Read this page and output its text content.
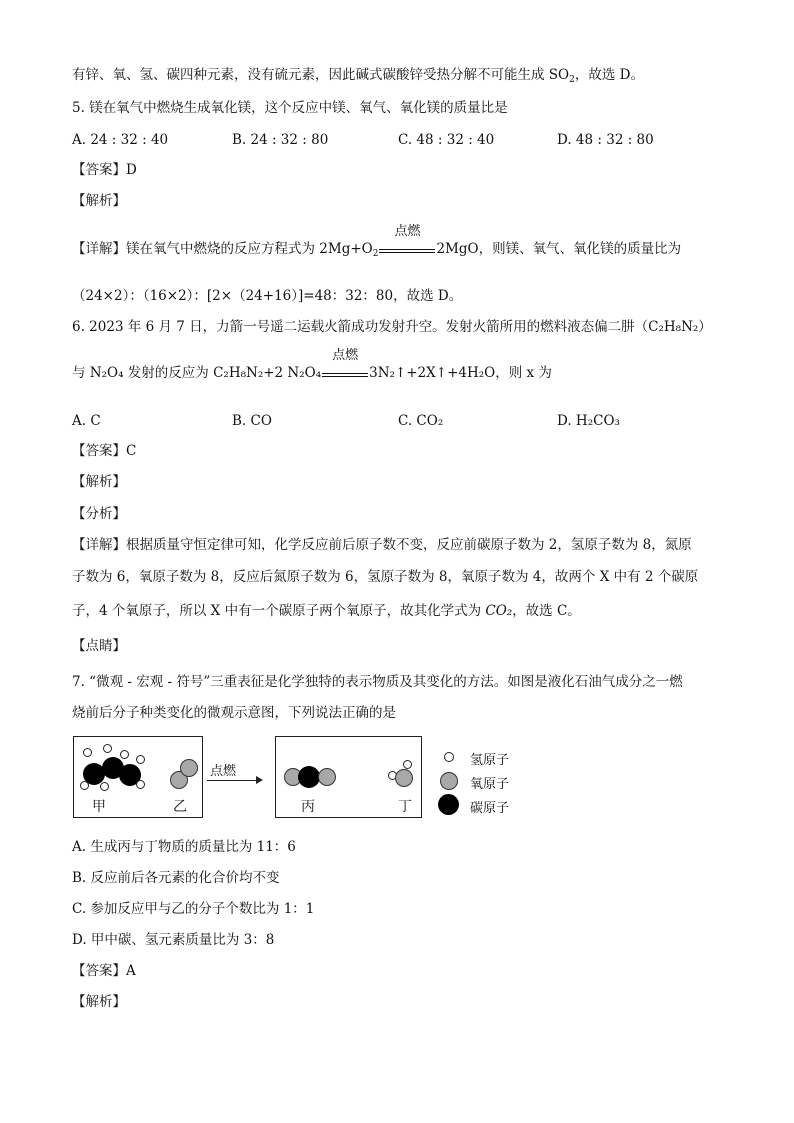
有锌、氧、氢、碳四种元素，没有硫元素，因此碱式碳酸锌受热分解不可能生成 $SO_2$，故选 D。
5. 镁在氧气中燃烧生成氧化镁，这个反应中镁、氧气、氧化镁的质量比是
A. 24 : 32 : 40	B. 24 : 32 : 80	C. 48 : 32 : 40	D. 48 : 32 : 80
【答案】D
【解析】
【详解】镁在氧气中燃烧的反应方程式为 $2Mg+O_2$
点燃
2MgO，则镁、氧气、氧化镁的质量比为
（24×2）：（16×2）：[2×（24+16）]=48：32：80，故选 D。
6. 2023 年 6 月 7 日，力箭一号遥二运载火箭成功发射升空。发射火箭所用的燃料液态偏二肼（C₂H₈N₂）
与 N₂O₄ 发射的反应为 C₂H₈N₂+2 N₂O₄
点燃
3N₂↑+2X↑+4H₂O，则 x 为
A. C	B. CO	C. CO₂	D. H₂CO₃
【答案】C
【解析】
【分析】
【详解】根据质量守恒定律可知，化学反应前后原子数不变，反应前碳原子数为 2，氢原子数为 8，氮原
子数为 6，氧原子数为 8，反应后氮原子数为 6，氢原子数为 8，氧原子数为 4，故两个 X 中有 2 个碳原
子，4 个氧原子，所以 X 中有一个碳原子两个氧原子，故其化学式为 CO₂，故选 C。
【点睛】
7. “微观 - 宏观 - 符号”三重表征是化学独特的表示物质及其变化的方法。如图是液化石油气成分之一燃
烧前后分子种类变化的微观示意图，下列说法正确的是
甲	乙
点燃
丙	丁
氢原子
氧原子
碳原子
A. 生成丙与丁物质的质量比为 11：6
B. 反应前后各元素的化合价均不变
C. 参加反应甲与乙的分子个数比为 1：1
D. 甲中碳、氢元素质量比为 3：8
【答案】A
【解析】
